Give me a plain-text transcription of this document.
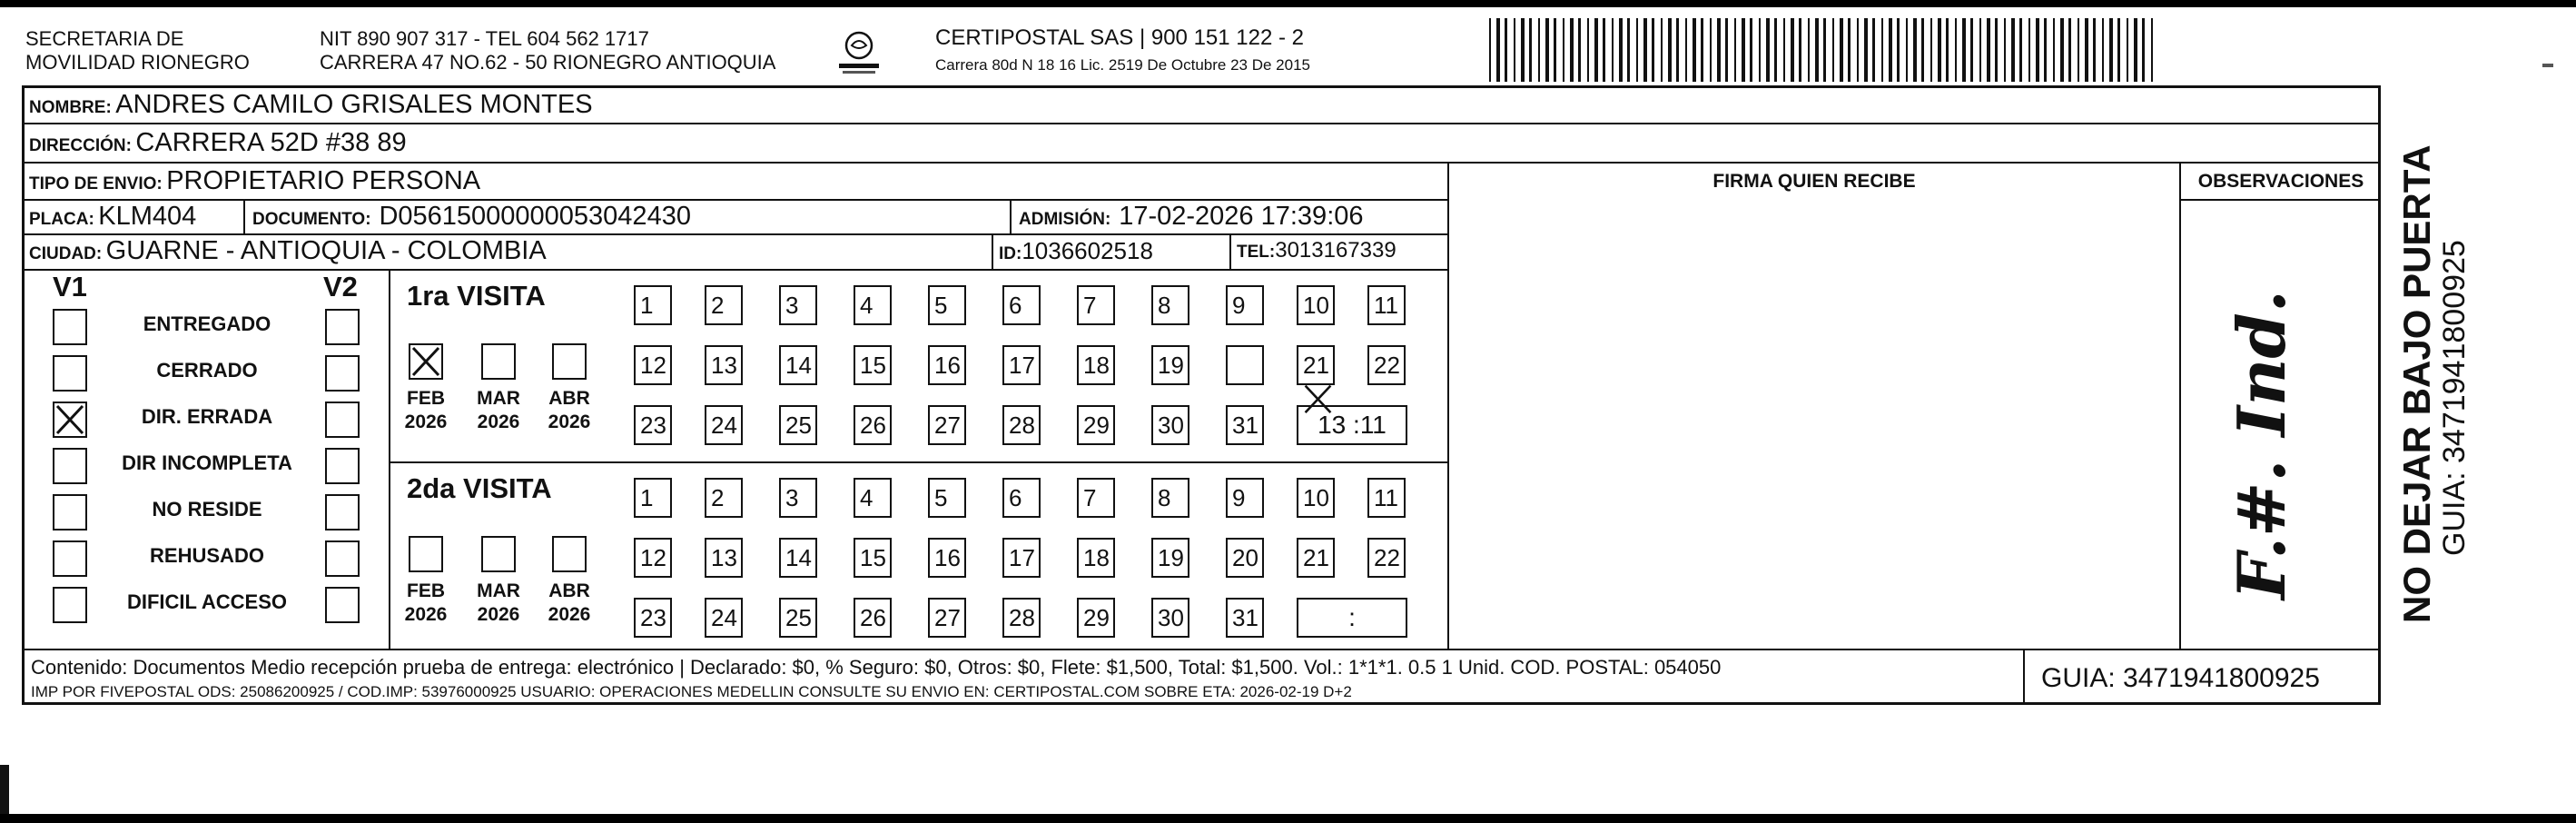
SECRETARIA DE
MOVILIDAD RIONEGRO
NIT 890 907 317 - TEL 604 562 1717
CARRERA 47 NO.62 - 50 RIONEGRO ANTIOQUIA
CERTIPOSTAL SAS | 900 151 122 - 2
Carrera 80d N 18 16 Lic. 2519 De Octubre 23 De 2015
NOMBRE: ANDRES CAMILO GRISALES MONTES
DIRECCIÓN: CARRERA 52D #38 89
TIPO DE ENVIO: PROPIETARIO PERSONA
PLACA: KLM404	DOCUMENTO: D05615000000053042430	ADMISIÓN: 17-02-2026 17:39:06
CIUDAD: GUARNE - ANTIOQUIA - COLOMBIA	ID:1036602518	TEL:3013167339
FIRMA QUIEN RECIBE	OBSERVACIONES
V1	V2
ENTREGADO
CERRADO
DIR. ERRADA
DIR INCOMPLETA
NO RESIDE
REHUSADO
DIFICIL ACCESO
1ra VISITA
FEB
2026
MAR
2026
ABR
2026
1	2	3	4	5	6	7	8	9	10 11
12 13 14 15 16 17 18 19	21 22
23 24 25 26 27 28 29 30 31	13 :11
2da VISITA
FEB
2026
MAR
2026
ABR
2026
1	2	3	4	5	6	7	8	9	10 11
12 13 14 15 16 17 18 19 20 21 22
23 24 25 26 27 28 29 30 31	:
F.#. Ind.
Contenido: Documentos Medio recepción prueba de entrega: electrónico | Declarado: $0, % Seguro: $0, Otros: $0, Flete: $1,500, Total: $1,500. Vol.: 1*1*1. 0.5 1 Unid. COD. POSTAL: 054050
IMP POR FIVEPOSTAL ODS: 25086200925 / COD.IMP: 53976000925 USUARIO: OPERACIONES MEDELLIN CONSULTE SU ENVIO EN: CERTIPOSTAL.COM SOBRE ETA: 2026-02-19 D+2	GUIA: 3471941800925
NO DEJAR BAJO PUERTA GUIA: 3471941800925
